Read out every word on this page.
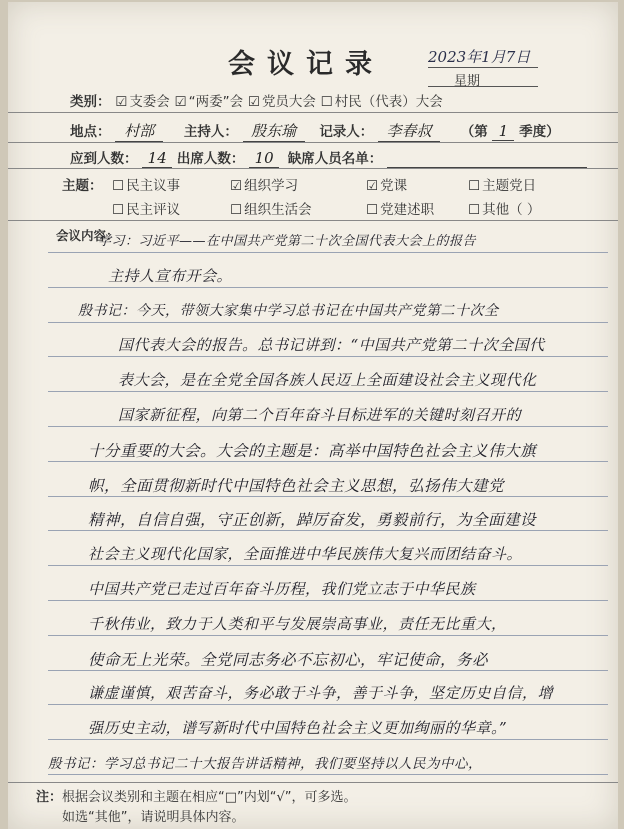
会议记录	2023年1月7日
星期
类别： ☑ 支委会 ☑ “两委”会 ☑ 党员大会 ☐ 村民（代表）大会
地点： 村部 主持人： 殷东瑜 记录人： 李春叔 （第 1 季度）
应到人数： 14 出席人数： 10 缺席人员名单：
主题： ☐ 民主议事	☑ 组织学习	☑ 党课	☐ 主题党日
☐ 民主评议	☐ 组织生活会	☐ 党建述职	☐ 其他（ ）
会议内容：
学习：习近平——在中国共产党第二十次全国代表大会上的报告
主持人宣布开会。
殷书记：今天，带领大家集中学习总书记在中国共产党第二十次全
国代表大会的报告。总书记讲到：“中国共产党第二十次全国代
表大会，是在全党全国各族人民迈上全面建设社会主义现代化
国家新征程，向第二个百年奋斗目标进军的关键时刻召开的
十分重要的大会。大会的主题是：高举中国特色社会主义伟大旗
帜，全面贯彻新时代中国特色社会主义思想，弘扬伟大建党
精神，自信自强，守正创新，踔厉奋发，勇毅前行，为全面建设
社会主义现代化国家，全面推进中华民族伟大复兴而团结奋斗。
中国共产党已走过百年奋斗历程，我们党立志于中华民族
千秋伟业，致力于人类和平与发展崇高事业，责任无比重大，
使命无上光荣。全党同志务必不忘初心，牢记使命，务必
谦虚谨慎，艰苦奋斗，务必敢于斗争，善于斗争，坚定历史自信，增
强历史主动，谱写新时代中国特色社会主义更加绚丽的华章。”
殷书记：学习总书记二十大报告讲话精神，我们要坚持以人民为中心，
注：根据会议类别和主题在相应“□”内划“√”，可多选。
如选“其他”，请说明具体内容。
